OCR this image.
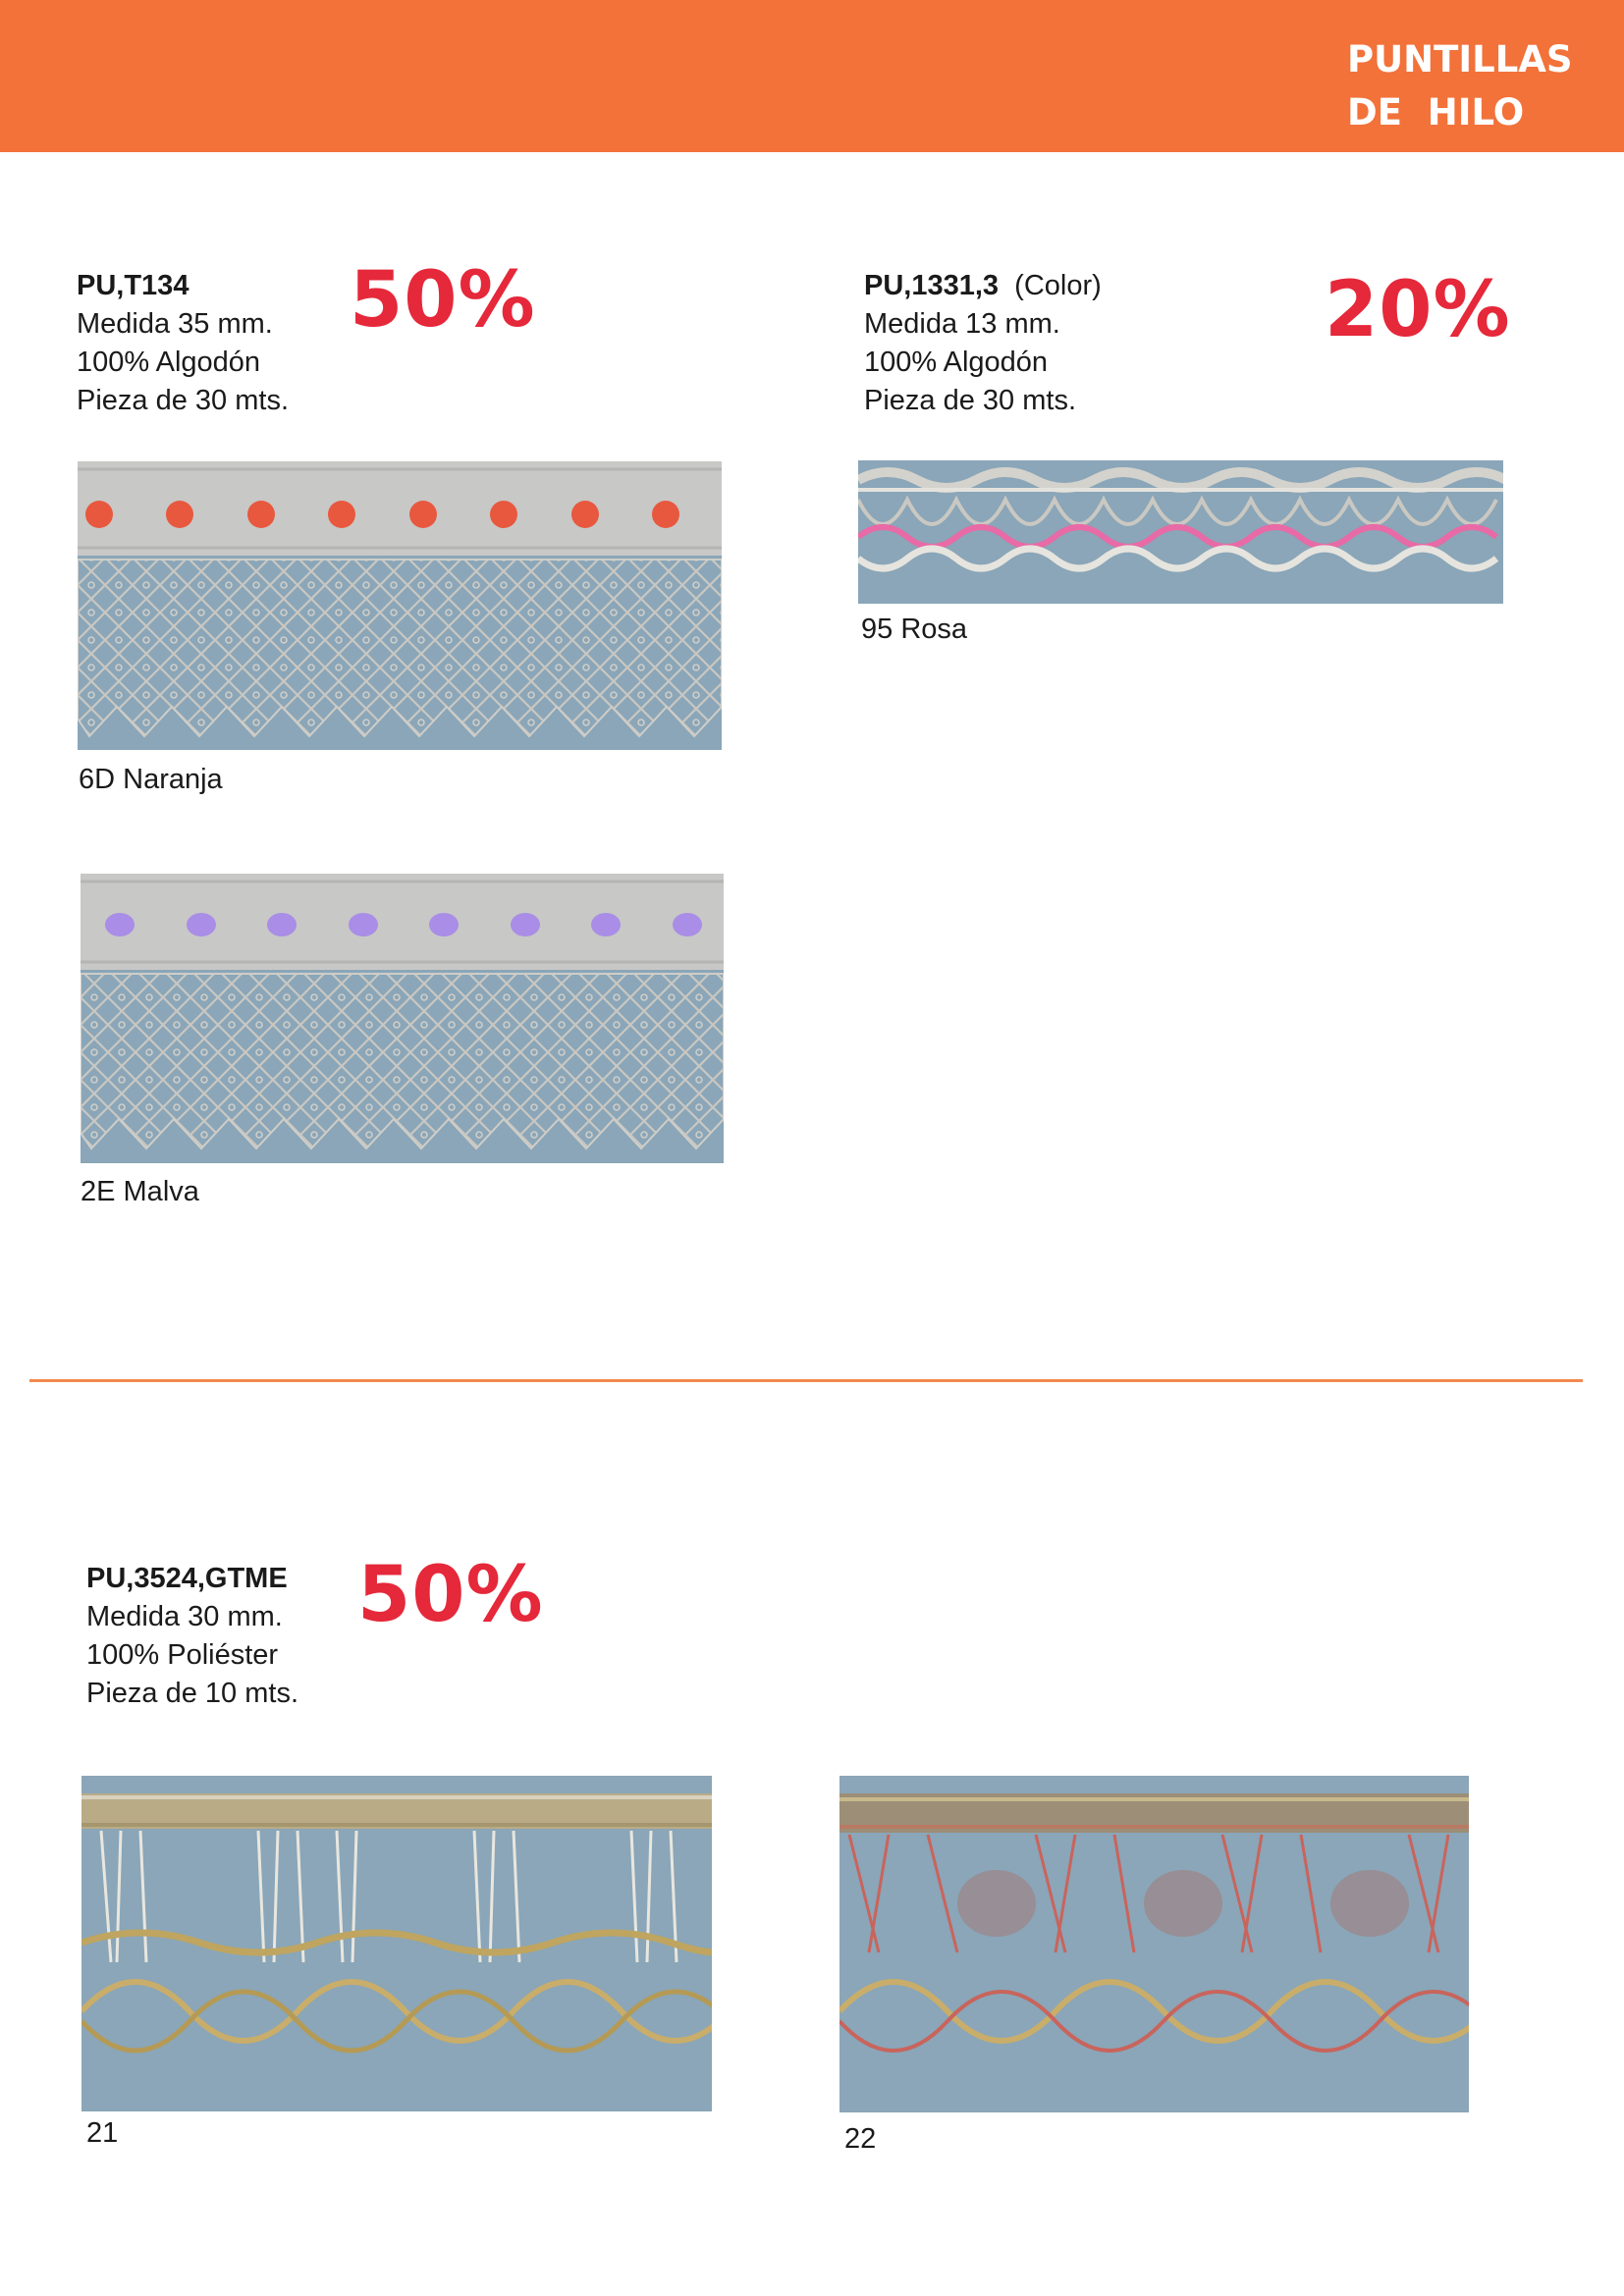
PUNTILLAS
DE  HILO
PU,T134
Medida 35 mm.
100% Algodón
Pieza de 30 mts.
50%
6D Naranja
2E Malva
PU,1331,3 (Color)
Medida 13 mm.
100% Algodón
Pieza de 30 mts.
20%
95 Rosa
PU,3524,GTME
Medida 30 mm.
100% Poliéster
Pieza de 10 mts.
50%
21	22
